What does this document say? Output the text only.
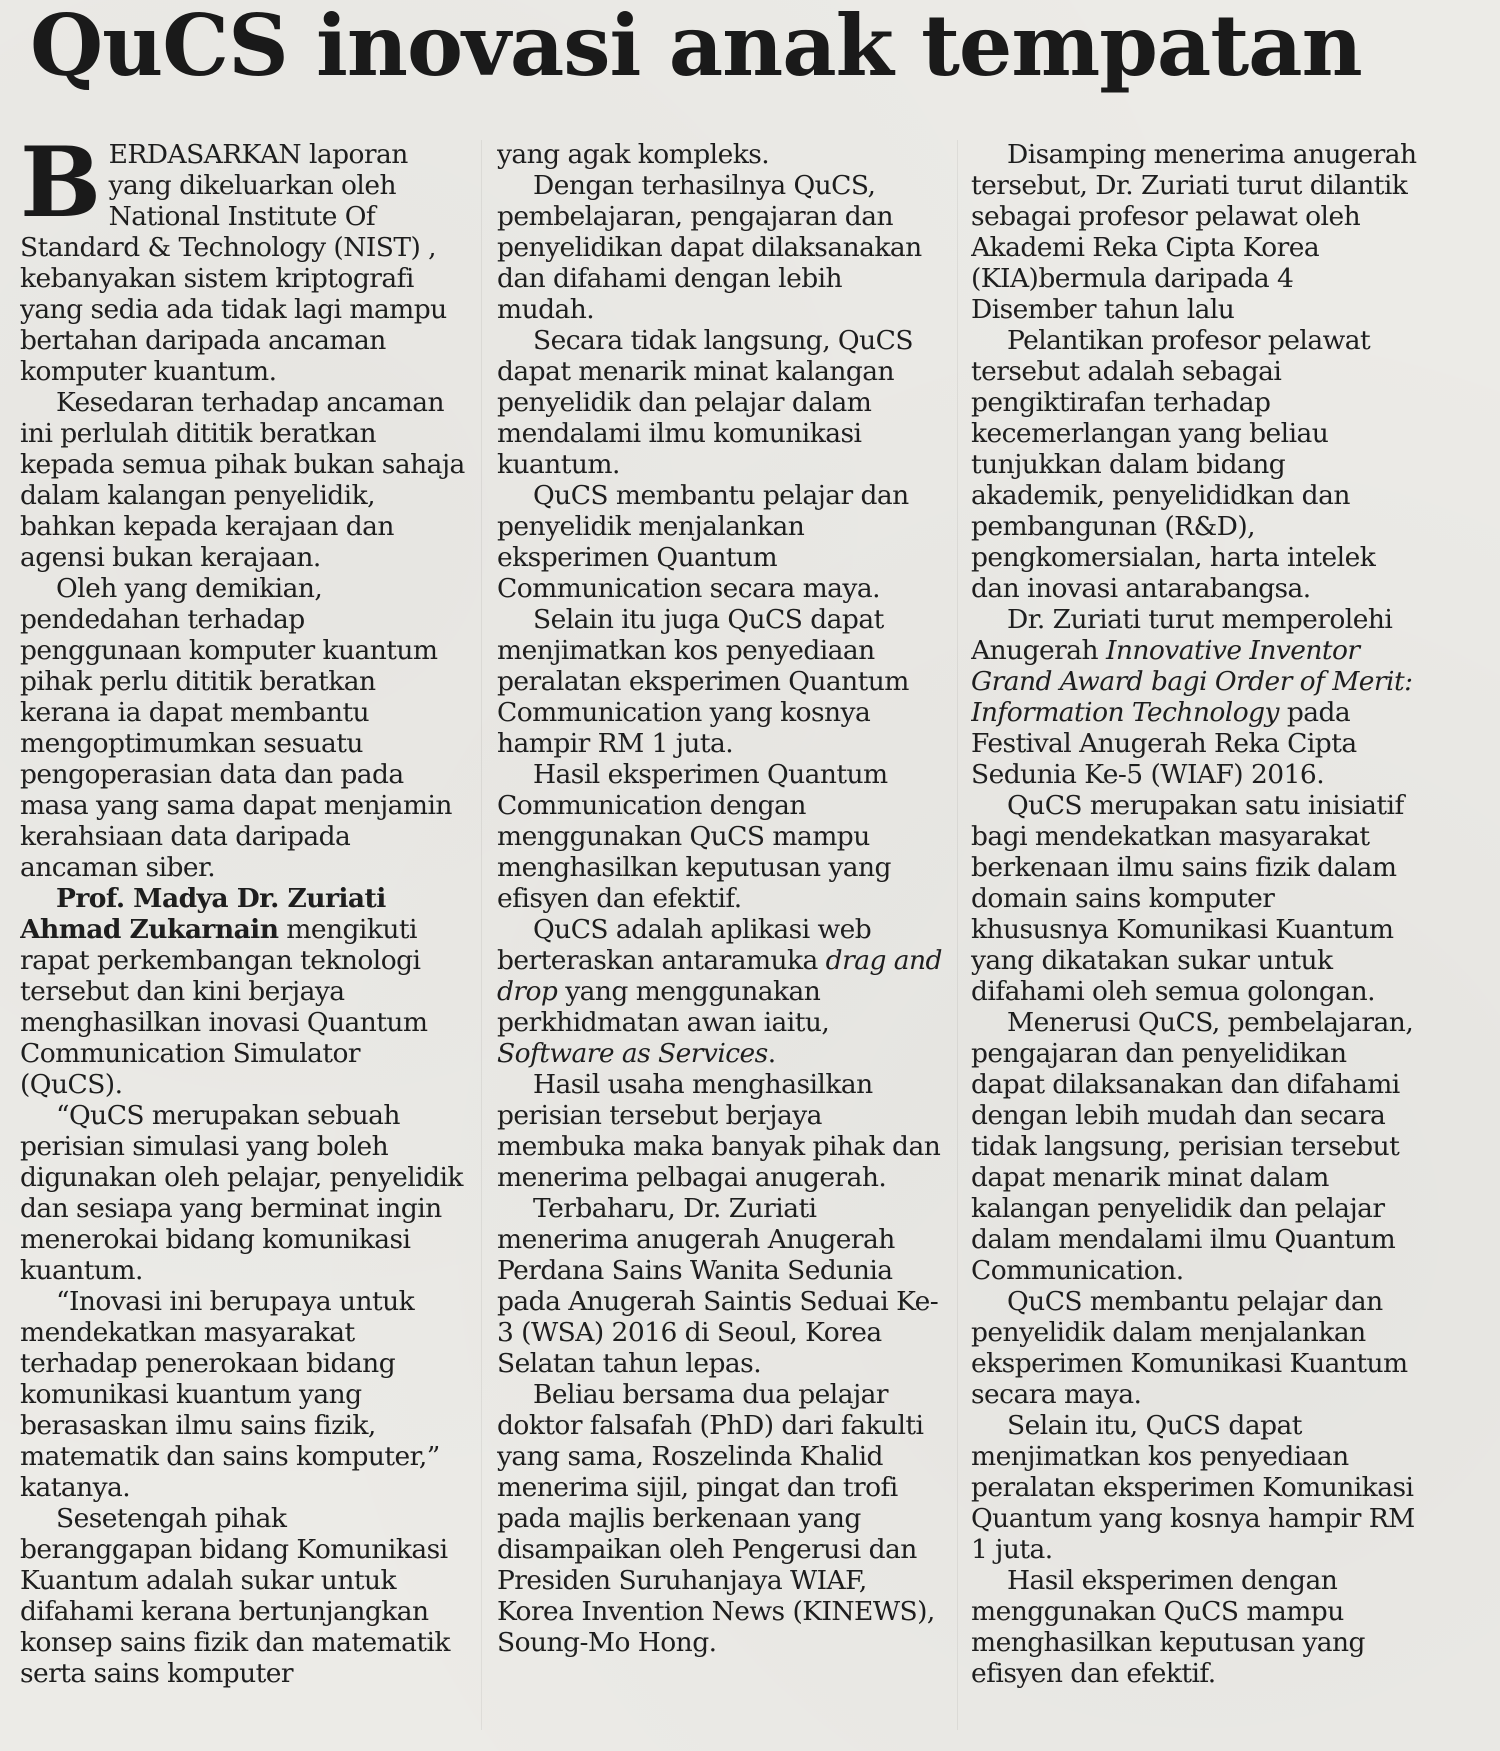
QuCS inovasi anak tempatan

BERDASARKAN laporan yang dikeluarkan oleh National Institute Of Standard & Technology (NIST) , kebanyakan sistem kriptografi yang sedia ada tidak lagi mampu bertahan daripada ancaman komputer kuantum.

Kesedaran terhadap ancaman ini perlulah dititik beratkan kepada semua pihak bukan sahaja dalam kalangan penyelidik, bahkan kepada kerajaan dan agensi bukan kerajaan.

Oleh yang demikian, pendedahan terhadap penggunaan komputer kuantum pihak perlu dititik beratkan kerana ia dapat membantu mengoptimumkan sesuatu pengoperasian data dan pada masa yang sama dapat menjamin kerahsiaan data daripada ancaman siber.

Prof. Madya Dr. Zuriati Ahmad Zukarnain mengikuti rapat perkembangan teknologi tersebut dan kini berjaya menghasilkan inovasi Quantum Communication Simulator (QuCS).

“QuCS merupakan sebuah perisian simulasi yang boleh digunakan oleh pelajar, penyelidik dan sesiapa yang berminat ingin menerokai bidang komunikasi kuantum.

“Inovasi ini berupaya untuk mendekatkan masyarakat terhadap penerokaan bidang komunikasi kuantum yang berasaskan ilmu sains fizik, matematik dan sains komputer,” katanya.

Sesetengah pihak beranggapan bidang Komunikasi Kuantum adalah sukar untuk difahami kerana bertunjangkan konsep sains fizik dan matematik serta sains komputer

yang agak kompleks.

Dengan terhasilnya QuCS, pembelajaran, pengajaran dan penyelidikan dapat dilaksanakan dan difahami dengan lebih mudah.

Secara tidak langsung, QuCS dapat menarik minat kalangan penyelidik dan pelajar dalam mendalami ilmu komunikasi kuantum.

QuCS membantu pelajar dan penyelidik menjalankan eksperimen Quantum Communication secara maya.

Selain itu juga QuCS dapat menjimatkan kos penyediaan peralatan eksperimen Quantum Communication yang kosnya hampir RM 1 juta.

Hasil eksperimen Quantum Communication dengan menggunakan QuCS mampu menghasilkan keputusan yang efisyen dan efektif.

QuCS adalah aplikasi web berteraskan antaramuka drag and drop yang menggunakan perkhidmatan awan iaitu, Software as Services.

Hasil usaha menghasilkan perisian tersebut berjaya membuka maka banyak pihak dan menerima pelbagai anugerah.

Terbaharu, Dr. Zuriati menerima anugerah Anugerah Perdana Sains Wanita Sedunia pada Anugerah Saintis Seduai Ke-3 (WSA) 2016 di Seoul, Korea Selatan tahun lepas.

Beliau bersama dua pelajar doktor falsafah (PhD) dari fakulti yang sama, Roszelinda Khalid menerima sijil, pingat dan trofi pada majlis berkenaan yang disampaikan oleh Pengerusi dan Presiden Suruhanjaya WIAF, Korea Invention News (KINEWS), Soung-Mo Hong.

Disamping menerima anugerah tersebut, Dr. Zuriati turut dilantik sebagai profesor pelawat oleh Akademi Reka Cipta Korea (KIA)bermula daripada 4 Disember tahun lalu

Pelantikan profesor pelawat tersebut adalah sebagai pengiktirafan terhadap kecemerlangan yang beliau tunjukkan dalam bidang akademik, penyelididkan dan pembangunan (R&D), pengkomersialan, harta intelek dan inovasi antarabangsa.

Dr. Zuriati turut memperolehi Anugerah Innovative Inventor Grand Award bagi Order of Merit: Information Technology pada Festival Anugerah Reka Cipta Sedunia Ke-5 (WIAF) 2016.

QuCS merupakan satu inisiatif bagi mendekatkan masyarakat berkenaan ilmu sains fizik dalam domain sains komputer khususnya Komunikasi Kuantum yang dikatakan sukar untuk difahami oleh semua golongan.

Menerusi QuCS, pembelajaran, pengajaran dan penyelidikan dapat dilaksanakan dan difahami dengan lebih mudah dan secara tidak langsung, perisian tersebut dapat menarik minat dalam kalangan penyelidik dan pelajar dalam mendalami ilmu Quantum Communication.

QuCS membantu pelajar dan penyelidik dalam menjalankan eksperimen Komunikasi Kuantum secara maya.

Selain itu, QuCS dapat menjimatkan kos penyediaan peralatan eksperimen Komunikasi Quantum yang kosnya hampir RM 1 juta.

Hasil eksperimen dengan menggunakan QuCS mampu menghasilkan keputusan yang efisyen dan efektif.
